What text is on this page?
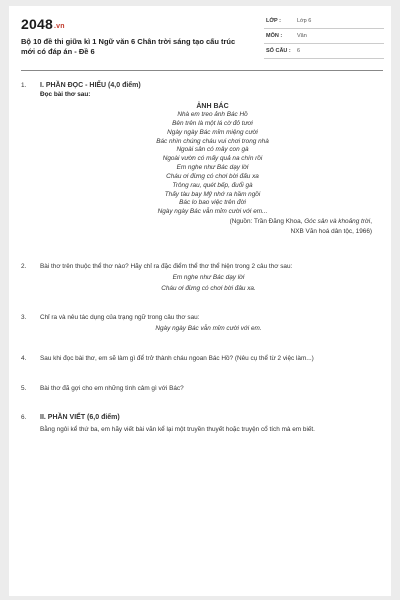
2048.vn
Bộ 10 đề thi giữa kì 1 Ngữ văn 6 Chân trời sáng tạo cấu trúc mới có đáp án - Đề 6
LỚP :	Lớp 6
MÔN :	Văn
SỐ CÂU : 6
1.	I. PHẦN ĐỌC - HIỂU (4,0 điểm)
Đọc bài thơ sau:
ẢNH BÁC
Nhà em treo ảnh Bác Hồ
Bên trên là một lá cờ đỏ tươi
Ngày ngày Bác mỉm miệng cười
Bác nhìn chúng cháu vui chơi trong nhà
Ngoài sân có mây con gà
Ngoài vườn có mấy quả na chín rồi
Em nghe như Bác dạy lời
Cháu ơi đừng có chơi bời đấu xa
Trông rau, quét bếp, đuổi gà
Thấy tàu bay Mỹ nhớ ra hầm ngồi
Bác lo bao việc trên đời
Ngày ngày Bác vẫn mỉm cười với em...
(Nguồn: Trần Đăng Khoa, Góc sân và khoảng trời,
NXB Văn hoá dân tộc, 1966)
2.	Bài thơ trên thuộc thể thơ nào? Hãy chỉ ra đặc điểm thể thơ thể hiện trong 2 câu thơ sau:
Em nghe như Bác dạy lời
Cháu ơi đừng có chơi bời đâu xa.
3.	Chỉ ra và nêu tác dụng của trạng ngữ trong câu thơ sau:
Ngày ngày Bác vẫn mỉm cười với em.
4.	Sau khi đọc bài thơ, em sẽ làm gì để trở thành cháu ngoan Bác Hồ? (Nêu cụ thể từ 2 việc làm...)
5.	Bài thơ đã gợi cho em những tình cảm gì với Bác?
6.	II. PHẦN VIẾT (6,0 điểm)
Bằng ngôi kể thứ ba, em hãy viết bài văn kể lại một truyền thuyết hoặc truyện cổ tích mà em biết.
